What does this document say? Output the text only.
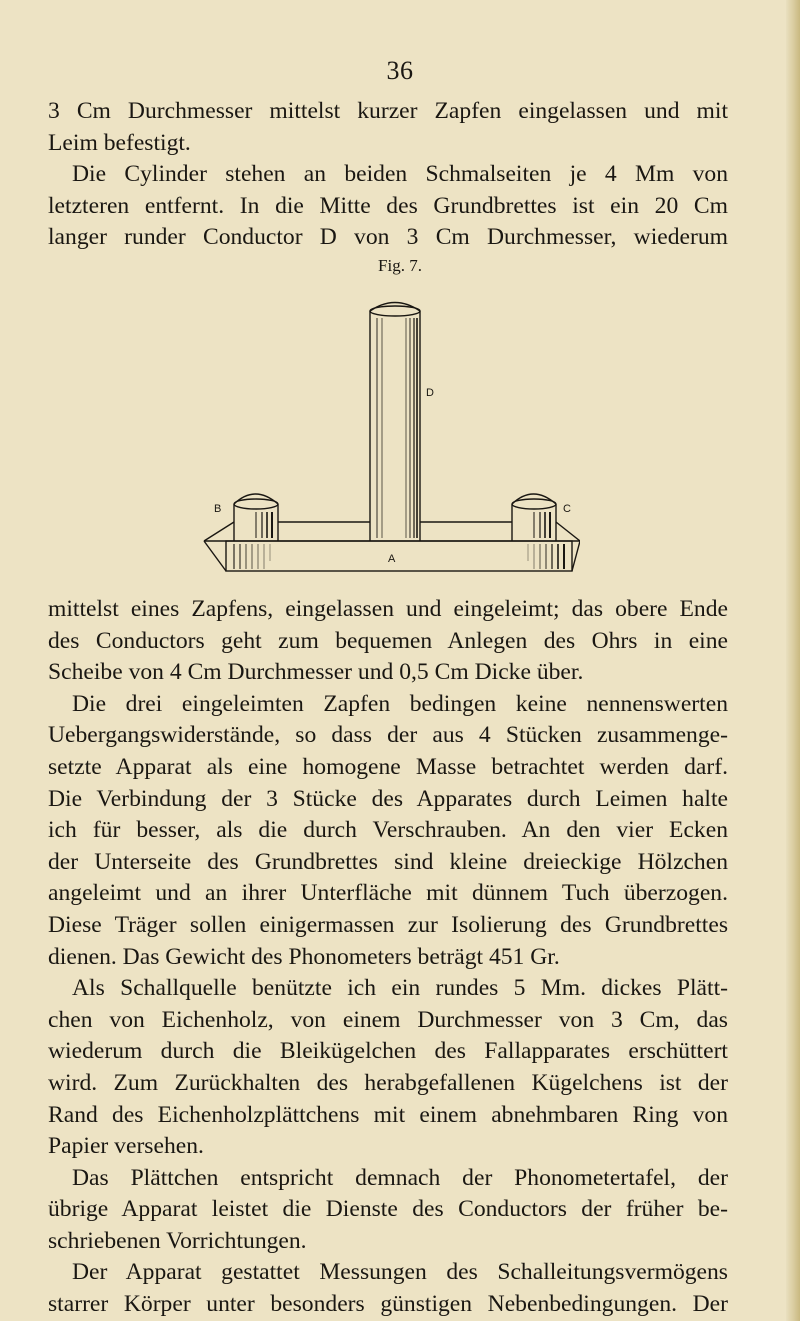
36
3 Cm Durchmesser mittelst kurzer Zapfen eingelassen und mit
Leim befestigt.
Die Cylinder stehen an beiden Schmalseiten je 4 Mm von
letzteren entfernt. In die Mitte des Grundbrettes ist ein 20 Cm
langer runder Conductor D von 3 Cm Durchmesser, wiederum
Fig. 7.
D
B	C
A
mittelst eines Zapfens, eingelassen und eingeleimt; das obere Ende
des Conductors geht zum bequemen Anlegen des Ohrs in eine
Scheibe von 4 Cm Durchmesser und 0,5 Cm Dicke über.
Die drei eingeleimten Zapfen bedingen keine nennenswerten
Uebergangswiderstände, so dass der aus 4 Stücken zusammenge-
setzte Apparat als eine homogene Masse betrachtet werden darf.
Die Verbindung der 3 Stücke des Apparates durch Leimen halte
ich für besser, als die durch Verschrauben. An den vier Ecken
der Unterseite des Grundbrettes sind kleine dreieckige Hölzchen
angeleimt und an ihrer Unterfläche mit dünnem Tuch überzogen.
Diese Träger sollen einigermassen zur Isolierung des Grundbrettes
dienen. Das Gewicht des Phonometers beträgt 451 Gr.
Als Schallquelle benützte ich ein rundes 5 Mm. dickes Plätt-
chen von Eichenholz, von einem Durchmesser von 3 Cm, das
wiederum durch die Bleikügelchen des Fallapparates erschüttert
wird. Zum Zurückhalten des herabgefallenen Kügelchens ist der
Rand des Eichenholzplättchens mit einem abnehmbaren Ring von
Papier versehen.
Das Plättchen entspricht demnach der Phonometertafel, der
übrige Apparat leistet die Dienste des Conductors der früher be-
schriebenen Vorrichtungen.
Der Apparat gestattet Messungen des Schalleitungsvermögens
starrer Körper unter besonders günstigen Nebenbedingungen. Der
